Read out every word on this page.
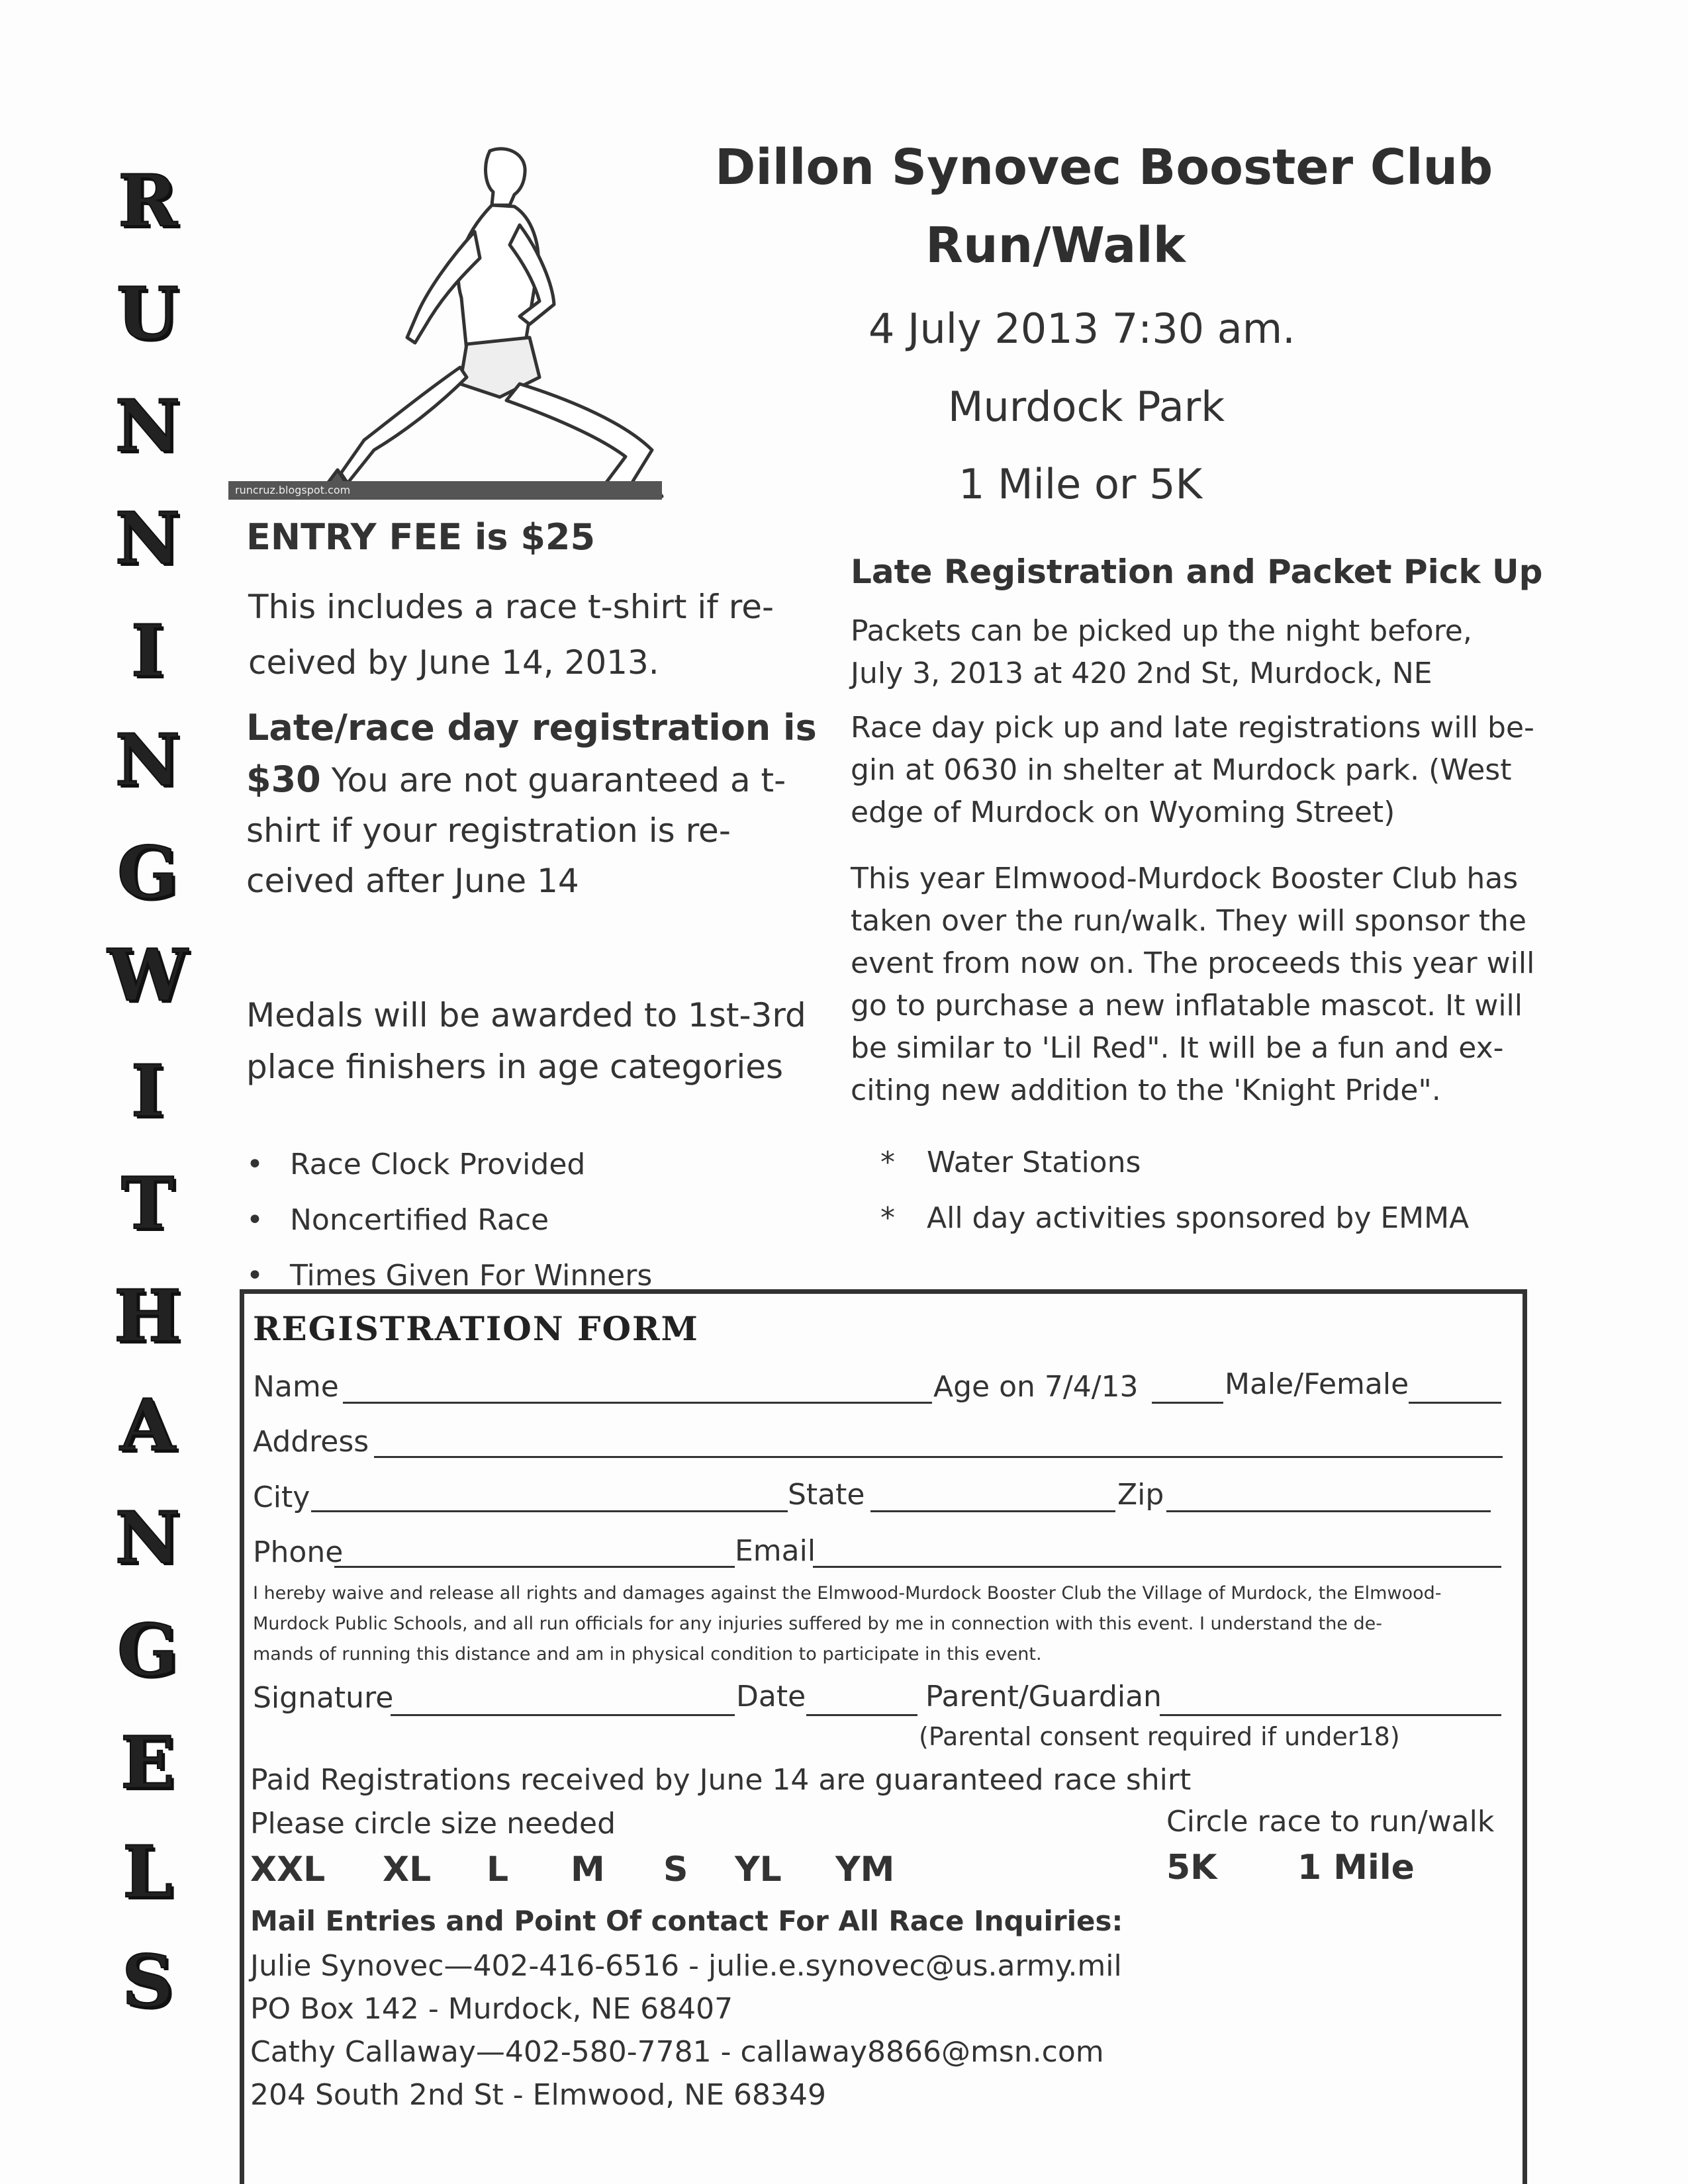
R
U
N
N
I
N
G
W
I
T
H
A
N
G
E
L
S
runcruz.blogspot.com
Dillon Synovec Booster Club
Run/Walk
4 July 2013 7:30 am.
Murdock Park
1 Mile or 5K
ENTRY FEE is $25
This includes a race t-shirt if re-
ceived by June 14, 2013.
Late/race day registration is
$30 You are not guaranteed a t-
shirt if your registration is re-
ceived after June 14
Medals will be awarded to 1st-3rd
place finishers in age categories
• Race Clock Provided
• Noncertified Race
• Times Given For Winners
Late Registration and Packet Pick Up
Packets can be picked up the night before,
July 3, 2013 at 420 2nd St, Murdock, NE
Race day pick up and late registrations will be-
gin at 0630 in shelter at Murdock park. (West
edge of Murdock on Wyoming Street)
This year Elmwood-Murdock Booster Club has
taken over the run/walk. They will sponsor the
event from now on. The proceeds this year will
go to purchase a new inflatable mascot. It will
be similar to 'Lil Red". It will be a fun and ex-
citing new addition to the 'Knight Pride".
* Water Stations
* All day activities sponsored by EMMA
REGISTRATION FORM
Name	Age on 7/4/13	Male/Female
Address
City	State	Zip
Phone	Email
I hereby waive and release all rights and damages against the Elmwood-Murdock Booster Club the Village of Murdock, the Elmwood-
Murdock Public Schools, and all run officials for any injuries suffered by me in connection with this event. I understand the de-
mands of running this distance and am in physical condition to participate in this event.
Signature	Date	Parent/Guardian
(Parental consent required if under18)
Paid Registrations received by June 14 are guaranteed race shirt
Please circle size needed	Circle race to run/walk
XXL XL L M S YL YM	5K 1 Mile
Mail Entries and Point Of contact For All Race Inquiries:
Julie Synovec—402-416-6516 - julie.e.synovec@us.army.mil
PO Box 142 - Murdock, NE 68407
Cathy Callaway—402-580-7781 - callaway8866@msn.com
204 South 2nd St - Elmwood, NE 68349
